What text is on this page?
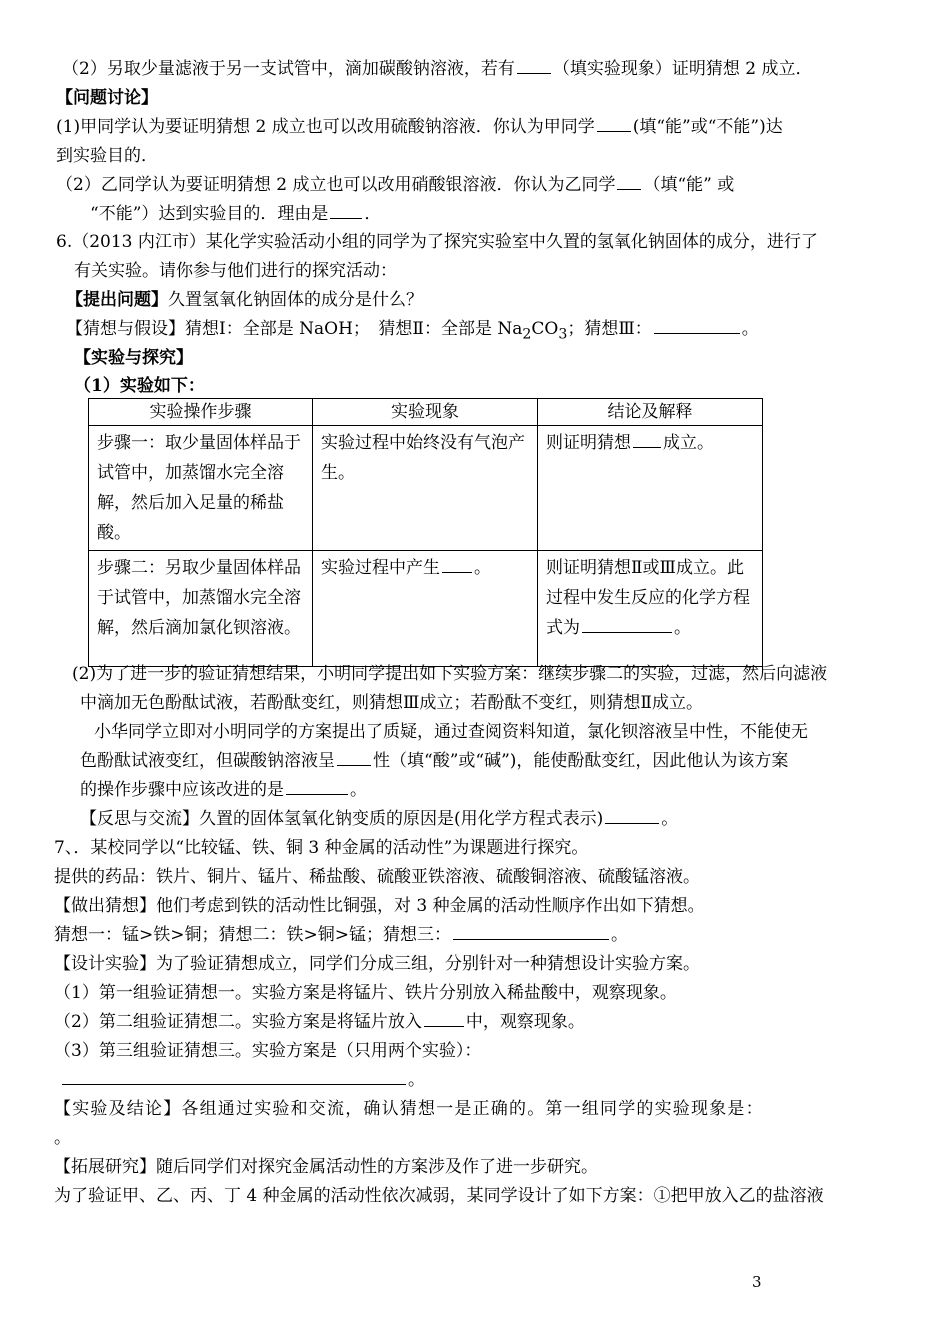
（2）另取少量滤液于另一支试管中，滴加碳酸钠溶液，若有 （填实验现象）证明猜想 2 成立．
【问题讨论】
(1)甲同学认为要证明猜想 2 成立也可以改用硫酸钠溶液．你认为甲同学 (填“能”或“不能”)达
到实验目的．
（2）乙同学认为要证明猜想 2 成立也可以改用硝酸银溶液．你认为乙同学 （填“能” 或
“不能”）达到实验目的．理由是 ．
6.（2013 内江市）某化学实验活动小组的同学为了探究实验室中久置的氢氧化钠固体的成分，进行了
有关实验。请你参与他们进行的探究活动：
【提出问题】久置氢氧化钠固体的成分是什么？
【猜想与假设】猜想Ⅰ：全部是 NaOH；　猜想Ⅱ：全部是 $Na_2CO_3$；猜想Ⅲ：	。
【实验与探究】
（1）实验如下：
实验操作步骤	实验现象	结论及解释
步骤一：取少量固体样品于试管中，加蒸馏水完全溶解，然后加入足量的稀盐酸。	实验过程中始终没有气泡产生。	则证明猜想 成立。
步骤二：另取少量固体样品于试管中，加蒸馏水完全溶解，然后滴加氯化钡溶液。	实验过程中产生 。	则证明猜想Ⅱ或Ⅲ成立。此过程中发生反应的化学方程式为 。
(2)为了进一步的验证猜想结果，小明同学提出如下实验方案：继续步骤二的实验，过滤，然后向滤液
中滴加无色酚酞试液，若酚酞变红，则猜想Ⅲ成立；若酚酞不变红，则猜想Ⅱ成立。
小华同学立即对小明同学的方案提出了质疑，通过查阅资料知道，氯化钡溶液呈中性，不能使无
色酚酞试液变红，但碳酸钠溶液呈 性（填“酸”或“碱”)，能使酚酞变红，因此他认为该方案
的操作步骤中应该改进的是	。
【反思与交流】久置的固体氢氧化钠变质的原因是(用化学方程式表示)	。
7、．某校同学以“比较锰、铁、铜 3 种金属的活动性”为课题进行探究。
提供的药品：铁片、铜片、锰片、稀盐酸、硫酸亚铁溶液、硫酸铜溶液、硫酸锰溶液。
【做出猜想】他们考虑到铁的活动性比铜强，对 3 种金属的活动性顺序作出如下猜想。
猜想一：锰>铁>铜；猜想二：铁>铜>锰；猜想三：	。
【设计实验】为了验证猜想成立，同学们分成三组，分别针对一种猜想设计实验方案。
（1）第一组验证猜想一。实验方案是将锰片、铁片分别放入稀盐酸中，观察现象。
（2）第二组验证猜想二。实验方案是将锰片放入	中，观察现象。
（3）第三组验证猜想三。实验方案是（只用两个实验）：
。
【实验及结论】各组通过实验和交流，确认猜想一是正确的。第一组同学的实验现象是：
。
【拓展研究】随后同学们对探究金属活动性的方案涉及作了进一步研究。
为了验证甲、乙、丙、丁 4 种金属的活动性依次减弱，某同学设计了如下方案：①把甲放入乙的盐溶液
3
